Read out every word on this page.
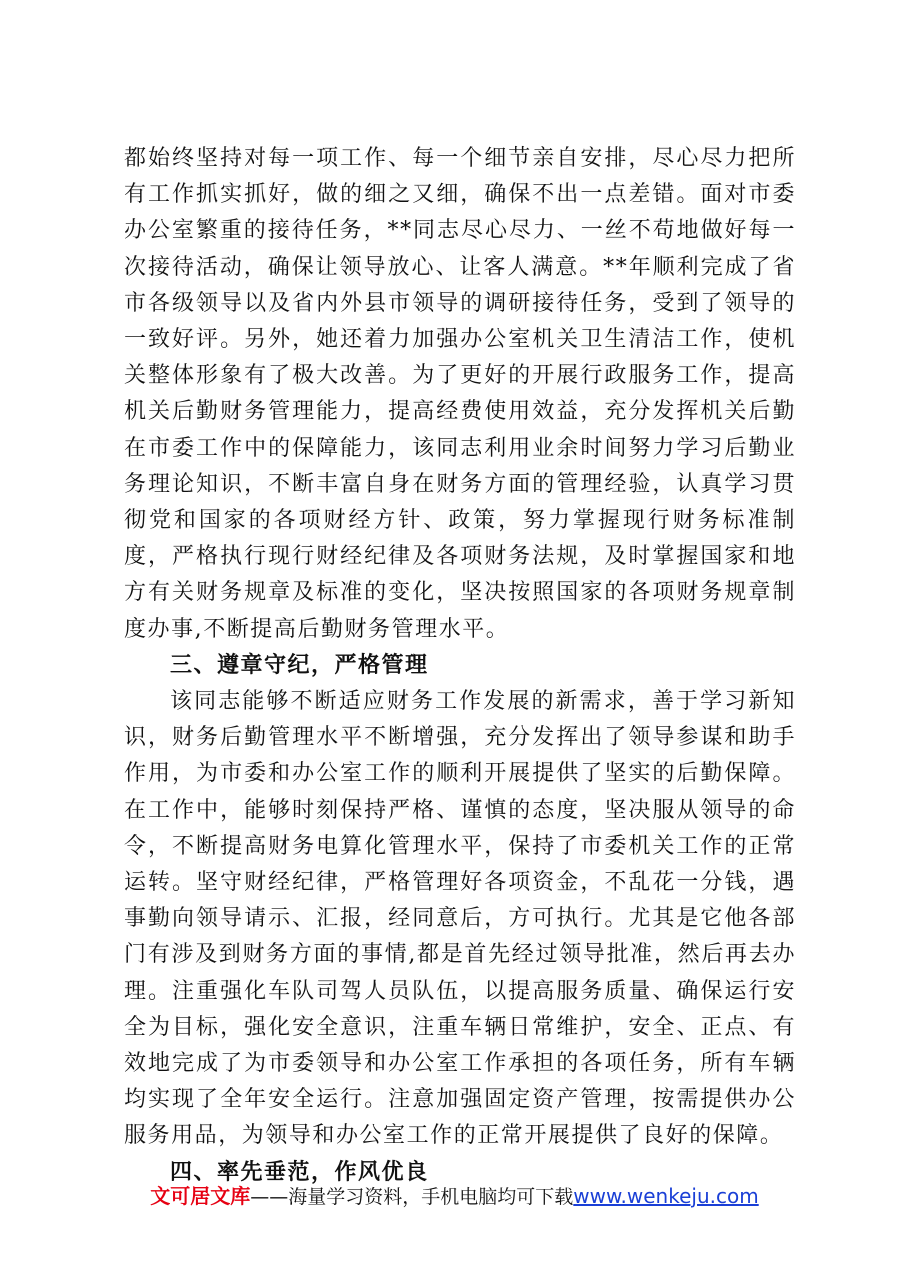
都始终坚持对每一项工作、每一个细节亲自安排，尽心尽力把所有工作抓实抓好，做的细之又细，确保不出一点差错。面对市委办公室繁重的接待任务，**同志尽心尽力、一丝不苟地做好每一次接待活动，确保让领导放心、让客人满意。**年顺利完成了省市各级领导以及省内外县市领导的调研接待任务，受到了领导的一致好评。另外，她还着力加强办公室机关卫生清洁工作，使机关整体形象有了极大改善。为了更好的开展行政服务工作，提高机关后勤财务管理能力，提高经费使用效益，充分发挥机关后勤在市委工作中的保障能力，该同志利用业余时间努力学习后勤业务理论知识，不断丰富自身在财务方面的管理经验，认真学习贯彻党和国家的各项财经方针、政策，努力掌握现行财务标准制度，严格执行现行财经纪律及各项财务法规，及时掌握国家和地方有关财务规章及标准的变化，坚决按照国家的各项财务规章制度办事,不断提高后勤财务管理水平。

三、遵章守纪，严格管理

该同志能够不断适应财务工作发展的新需求，善于学习新知识，财务后勤管理水平不断增强，充分发挥出了领导参谋和助手作用，为市委和办公室工作的顺利开展提供了坚实的后勤保障。在工作中，能够时刻保持严格、谨慎的态度，坚决服从领导的命令，不断提高财务电算化管理水平，保持了市委机关工作的正常运转。坚守财经纪律，严格管理好各项资金，不乱花一分钱，遇事勤向领导请示、汇报，经同意后，方可执行。尤其是它他各部门有涉及到财务方面的事情,都是首先经过领导批准，然后再去办理。注重强化车队司驾人员队伍，以提高服务质量、确保运行安全为目标，强化安全意识，注重车辆日常维护，安全、正点、有效地完成了为市委领导和办公室工作承担的各项任务，所有车辆均实现了全年安全运行。注意加强固定资产管理，按需提供办公服务用品，为领导和办公室工作的正常开展提供了良好的保障。

四、率先垂范，作风优良
文可居文库——海量学习资料，手机电脑均可下载www.wenkeju.com
